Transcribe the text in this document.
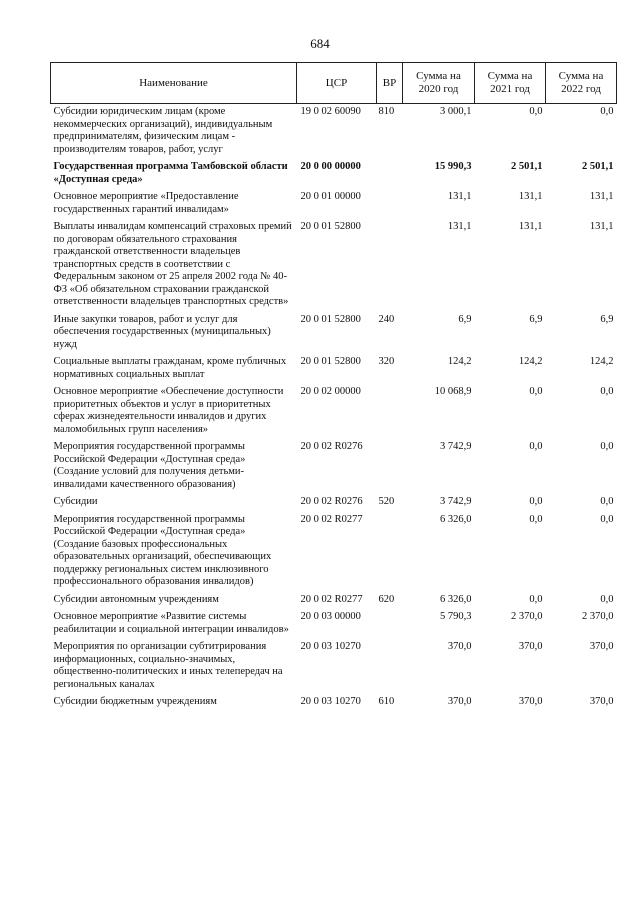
684
Наименование	ЦСР	ВР	Сумма на 2020 год	Сумма на 2021 год	Сумма на 2022 год
Субсидии юридическим лицам (кроме некоммерческих организаций), индивидуальным предпринимателям, физическим лицам - производителям товаров, работ, услуг	19 0 02 60090	810	3 000,1	0,0	0,0
Государственная программа Тамбовской области «Доступная среда»	20 0 00 00000		15 990,3	2 501,1	2 501,1
Основное мероприятие «Предоставление государственных гарантий инвалидам»	20 0 01 00000		131,1	131,1	131,1
Выплаты инвалидам компенсаций страховых премий по договорам обязательного страхования гражданской ответственности владельцев транспортных средств в соответствии с Федеральным законом от 25 апреля 2002 года № 40-ФЗ «Об обязательном страховании гражданской ответственности владельцев транспортных средств»	20 0 01 52800		131,1	131,1	131,1
Иные закупки товаров, работ и услуг для обеспечения государственных (муниципальных) нужд	20 0 01 52800	240	6,9	6,9	6,9
Социальные выплаты гражданам, кроме публичных нормативных социальных выплат	20 0 01 52800	320	124,2	124,2	124,2
Основное мероприятие «Обеспечение доступности приоритетных объектов и услуг в приоритетных сферах жизнедеятельности инвалидов и других маломобильных групп населения»	20 0 02 00000		10 068,9	0,0	0,0
Мероприятия государственной программы Российской Федерации «Доступная среда» (Создание условий для получения детьми-инвалидами качественного образования)	20 0 02 R0276		3 742,9	0,0	0,0
Субсидии	20 0 02 R0276	520	3 742,9	0,0	0,0
Мероприятия государственной программы Российской Федерации «Доступная среда» (Создание базовых профессиональных образовательных организаций, обеспечивающих поддержку региональных систем инклюзивного профессионального образования инвалидов)	20 0 02 R0277		6 326,0	0,0	0,0
Субсидии автономным учреждениям	20 0 02 R0277	620	6 326,0	0,0	0,0
Основное мероприятие «Развитие системы реабилитации и социальной интеграции инвалидов»	20 0 03 00000		5 790,3	2 370,0	2 370,0
Мероприятия по организации субтитрирования информационных, социально-значимых, общественно-политических и иных телепередач на региональных каналах	20 0 03 10270		370,0	370,0	370,0
Субсидии бюджетным учреждениям	20 0 03 10270	610	370,0	370,0	370,0
